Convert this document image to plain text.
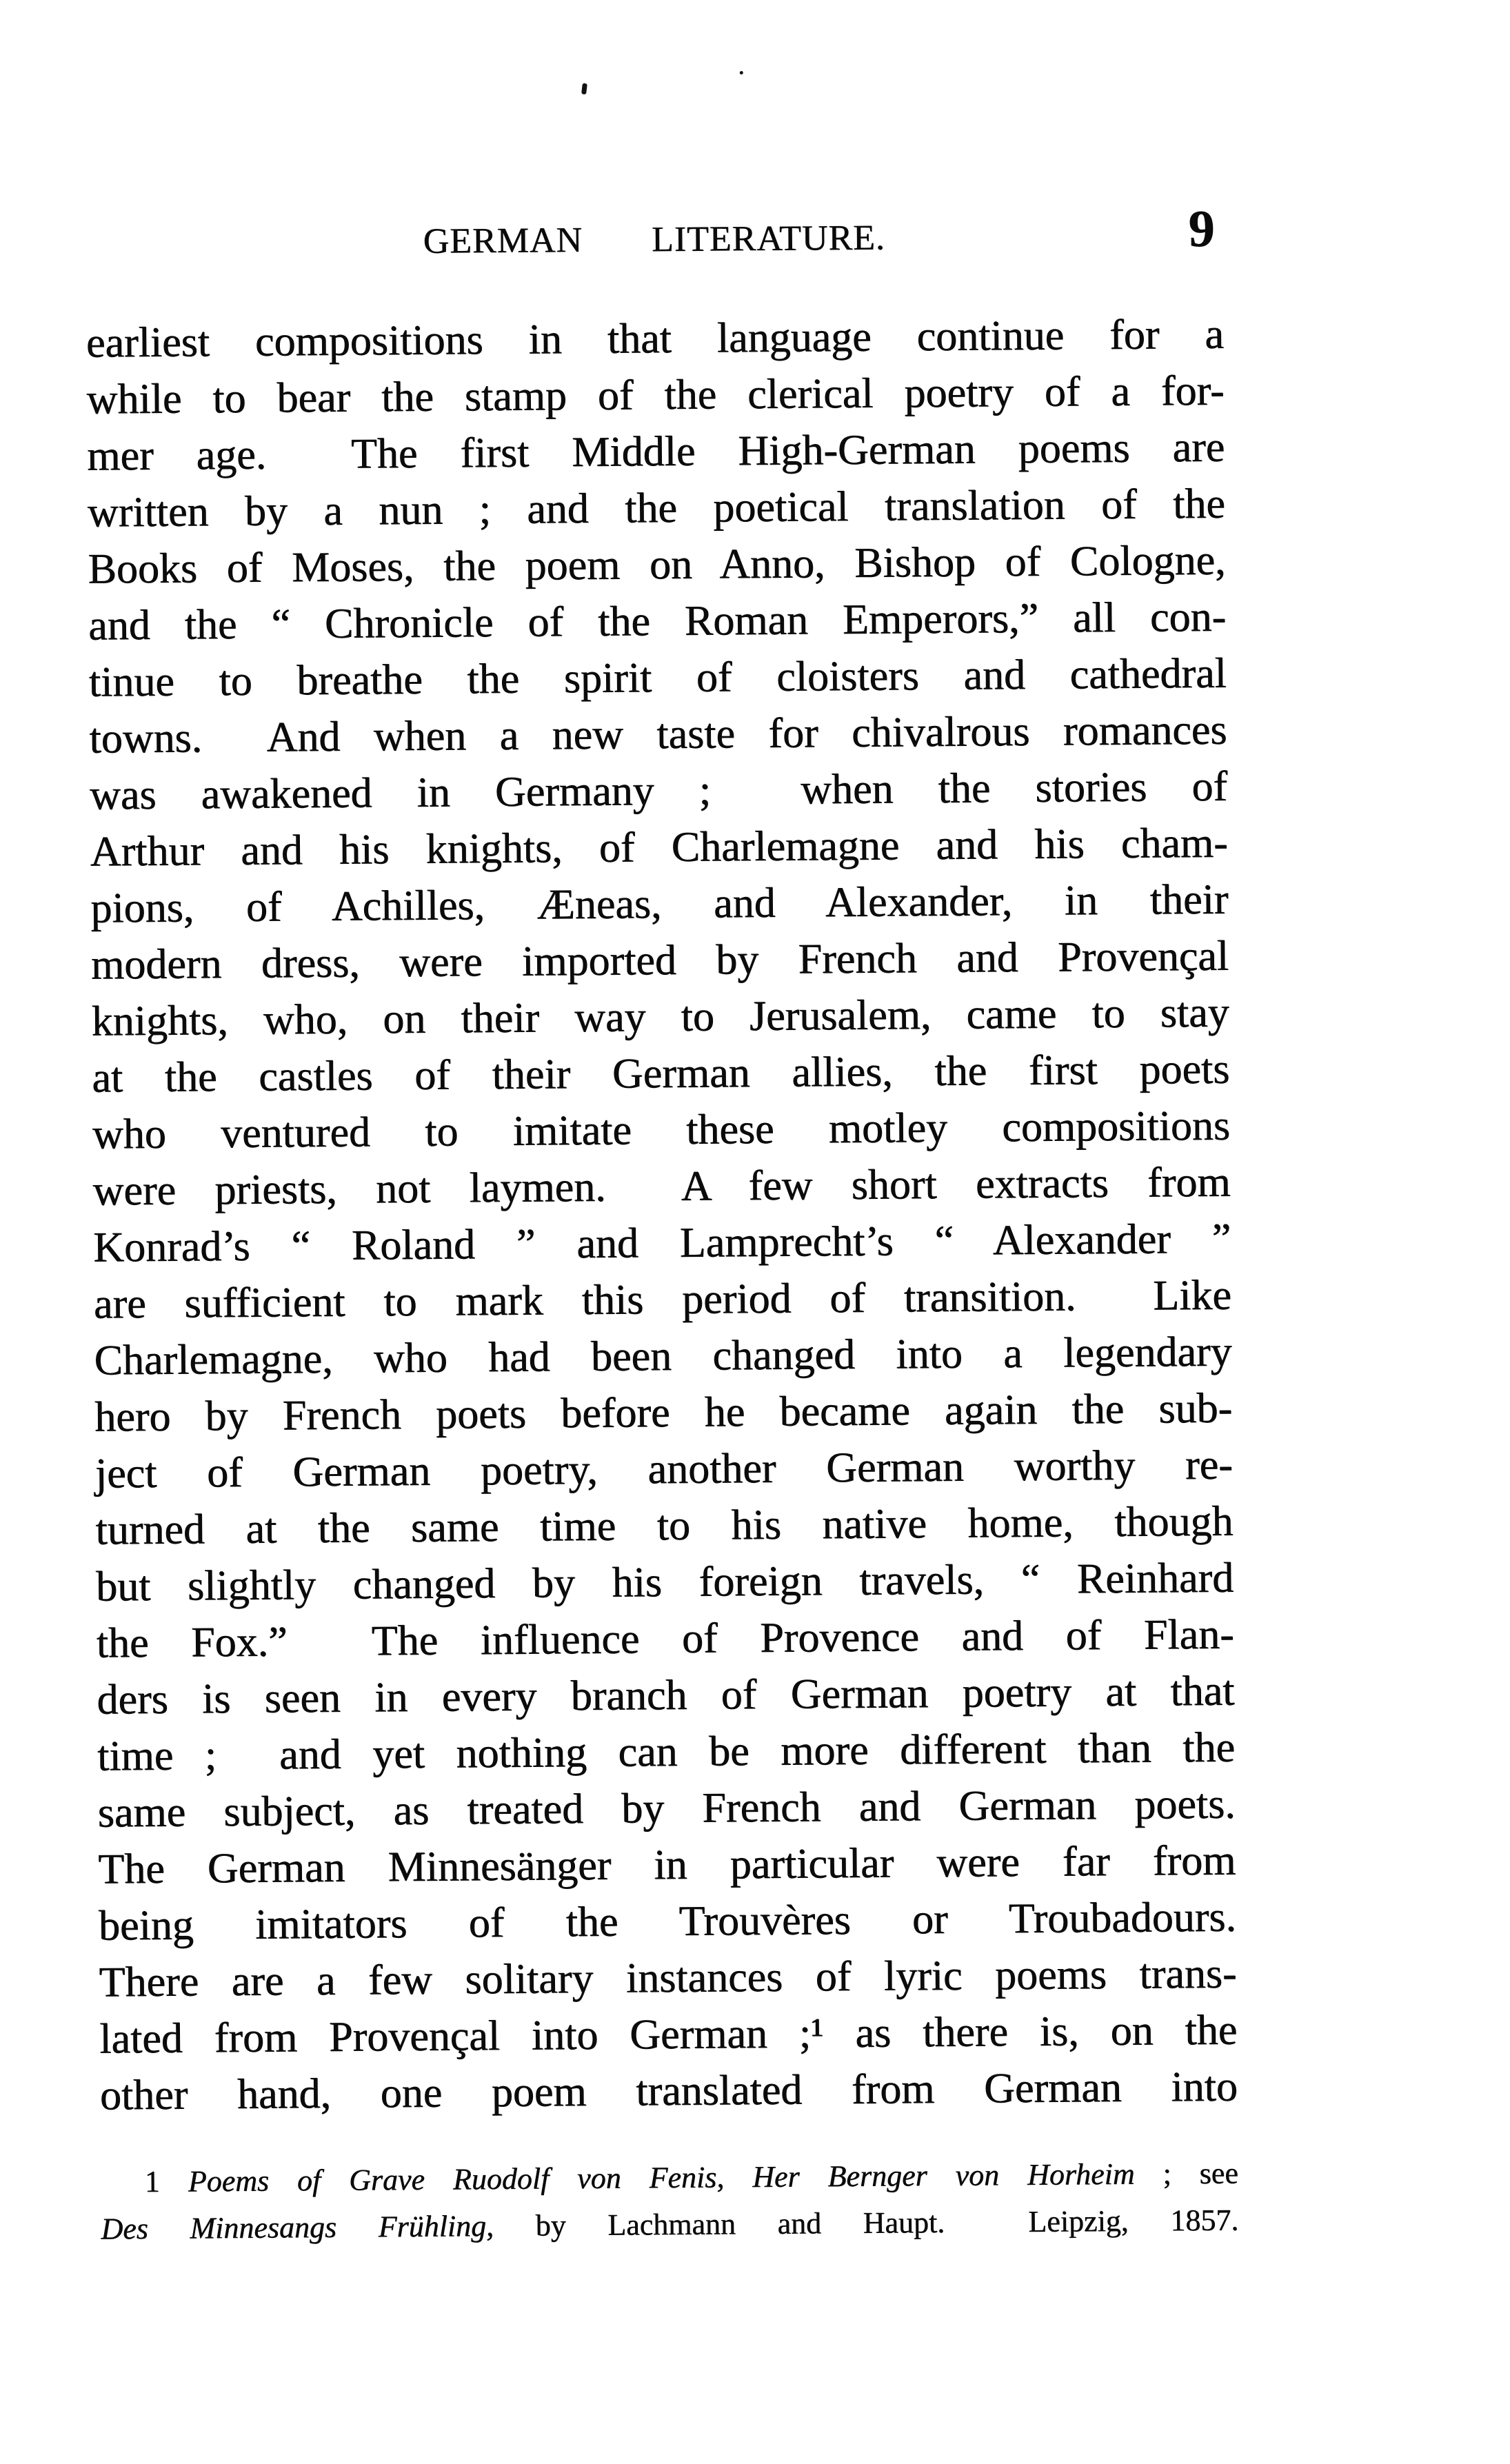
GERMAN  LITERATURE.	9
earliest compositions in that language continue for a
while to bear the stamp of the clerical poetry of a for-
mer age.  The first Middle High-German poems are
written by a nun ; and the poetical translation of the
Books of Moses, the poem on Anno, Bishop of Cologne,
and the “ Chronicle of the Roman Emperors,” all con-
tinue to breathe the spirit of cloisters and cathedral
towns.  And when a new taste for chivalrous romances
was awakened in Germany ;  when the stories of
Arthur and his knights, of Charlemagne and his cham-
pions, of Achilles, Æneas, and Alexander, in their
modern dress, were imported by French and Provençal
knights, who, on their way to Jerusalem, came to stay
at the castles of their German allies, the first poets
who ventured to imitate these motley compositions
were priests, not laymen.  A few short extracts from
Konrad’s “ Roland ” and Lamprecht’s “ Alexander ”
are sufficient to mark this period of transition.  Like
Charlemagne, who had been changed into a legendary
hero by French poets before he became again the sub-
ject of German poetry, another German worthy re-
turned at the same time to his native home, though
but slightly changed by his foreign travels, “ Reinhard
the Fox.”  The influence of Provence and of Flan-
ders is seen in every branch of German poetry at that
time ;  and yet nothing can be more different than the
same subject, as treated by French and German poets.
The German Minnesänger in particular were far from
being imitators of the Trouvères or Troubadours.
There are a few solitary instances of lyric poems trans-
lated from Provençal into German ;¹ as there is, on the
other hand, one poem translated from German into
1 Poems of Grave Ruodolf von Fenis, Her Bernger von Horheim ; see
Des Minnesangs Frühling, by Lachmann and Haupt.  Leipzig, 1857.
